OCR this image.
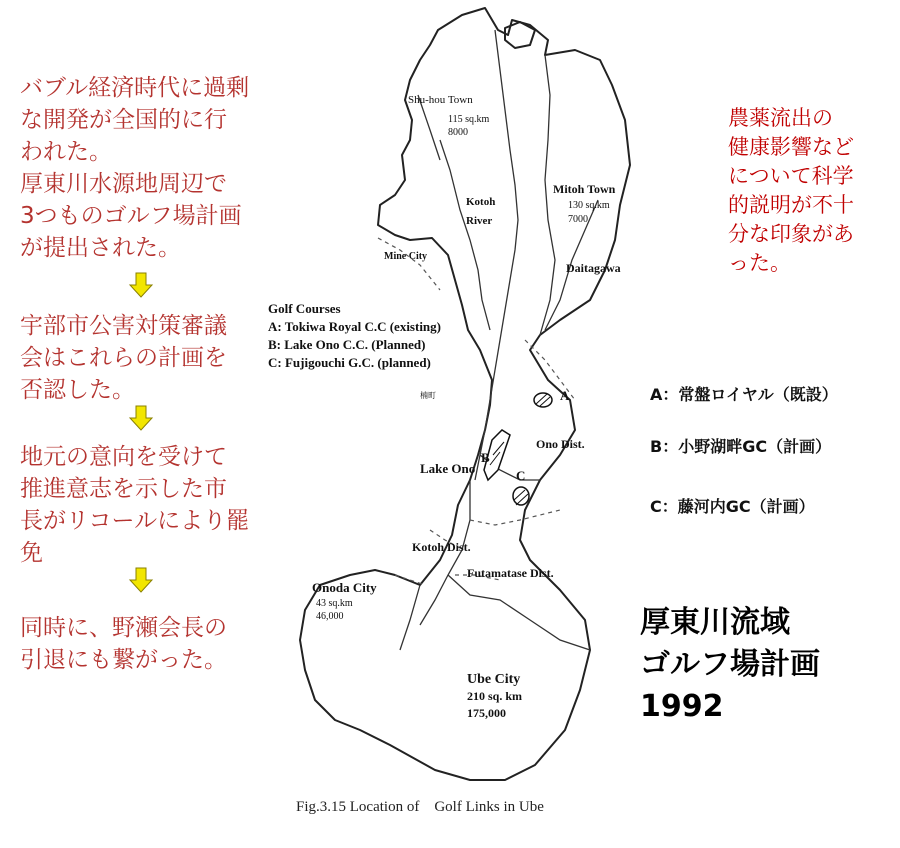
バブル経済時代に過剰
な開発が全国的に行
われた。
厚東川水源地周辺で
3つものゴルフ場計画
が提出された。
宇部市公害対策審議
会はこれらの計画を
否認した。
地元の意向を受けて
推進意志を示した市
長がリコールにより罷
免
同時に、野瀬会長の
引退にも繋がった。
Shu-hou Town
115 sq.km
8000
Kotoh
River
Mitoh Town
130 sq.km
7000
Mine City
Daitagawa
Golf Courses
A: Tokiwa Royal C.C (existing)
B: Lake Ono C.C. (Planned)
C: Fujigouchi G.C. (planned)
楠町	A
B
C
Ono Dist.
Lake Ono
Kotoh Dist.
Futamatase Dist.
Onoda City
43 sq.km
46,000
Ube City
210 sq. km
175,000
Fig.3.15 Location of　Golf Links in Ube
農薬流出の
健康影響など
について科学
的説明が不十
分な印象があ
った。
A：常盤ロイヤル（既設）
B：小野湖畔GC（計画）
C：藤河内GC（計画）
厚東川流域
ゴルフ場計画
1992
